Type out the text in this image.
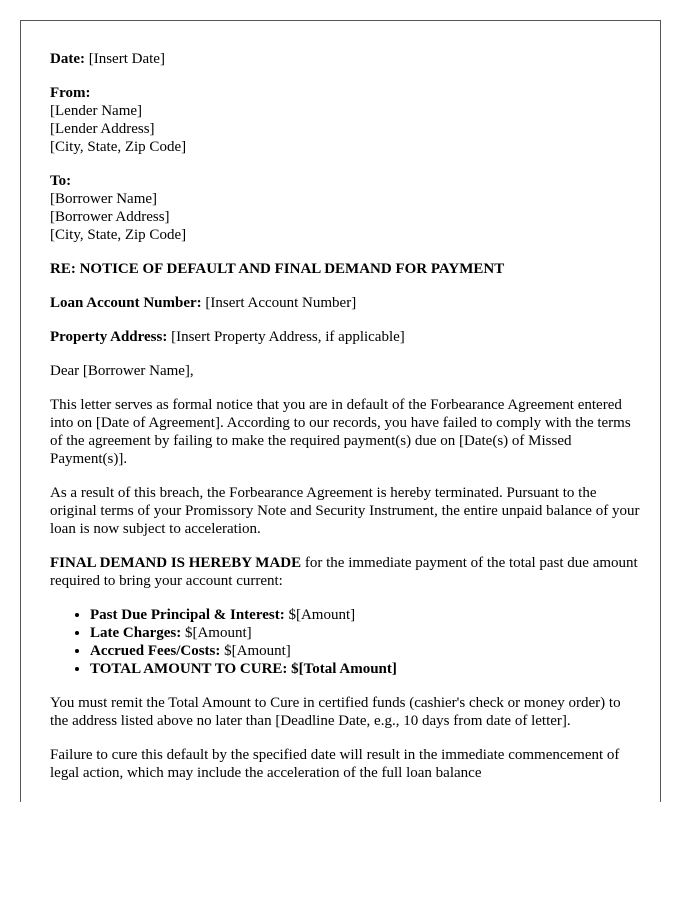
Date: [Insert Date]
From:
[Lender Name]
[Lender Address]
[City, State, Zip Code]
To:
[Borrower Name]
[Borrower Address]
[City, State, Zip Code]
RE: NOTICE OF DEFAULT AND FINAL DEMAND FOR PAYMENT
Loan Account Number: [Insert Account Number]
Property Address: [Insert Property Address, if applicable]

Dear [Borrower Name],

This letter serves as formal notice that you are in default of the Forbearance Agreement entered into on [Date of Agreement]. According to our records, you have failed to comply with the terms of the agreement by failing to make the required payment(s) due on [Date(s) of Missed Payment(s)].

As a result of this breach, the Forbearance Agreement is hereby terminated. Pursuant to the original terms of your Promissory Note and Security Instrument, the entire unpaid balance of your loan is now subject to acceleration.

FINAL DEMAND IS HEREBY MADE for the immediate payment of the total past due amount required to bring your account current:

• Past Due Principal & Interest: $[Amount]
• Late Charges: $[Amount]
• Accrued Fees/Costs: $[Amount]
• TOTAL AMOUNT TO CURE: $[Total Amount]

You must remit the Total Amount to Cure in certified funds (cashier's check or money order) to the address listed above no later than [Deadline Date, e.g., 10 days from date of letter].

Failure to cure this default by the specified date will result in the immediate commencement of legal action, which may include the acceleration of the full loan balance
